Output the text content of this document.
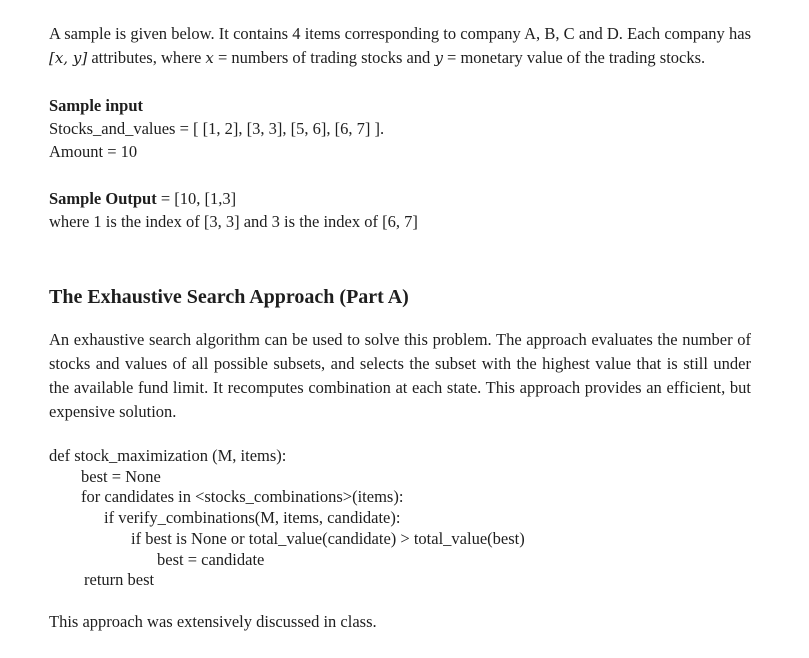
A sample is given below. It contains 4 items corresponding to company A, B, C and D. Each company has [x, y] attributes, where x = numbers of trading stocks and y = monetary value of the trading stocks.

Sample input

Stocks_and_values = [ [1, 2], [3, 3], [5, 6], [6, 7] ].

Amount = 10

Sample Output = [10, [1,3]

where 1 is the index of [3, 3] and 3 is the index of [6, 7]

The Exhaustive Search Approach (Part A)

An exhaustive search algorithm can be used to solve this problem. The approach evaluates the number of stocks and values of all possible subsets, and selects the subset with the highest value that is still under the available fund limit. It recomputes combination at each state. This approach provides an efficient, but expensive solution.

def stock_maximization (M, items):

best = None

for candidates in <stocks_combinations>(items):

if verify_combinations(M, items, candidate):

if best is None or total_value(candidate) > total_value(best)

best = candidate

return best

This approach was extensively discussed in class.
